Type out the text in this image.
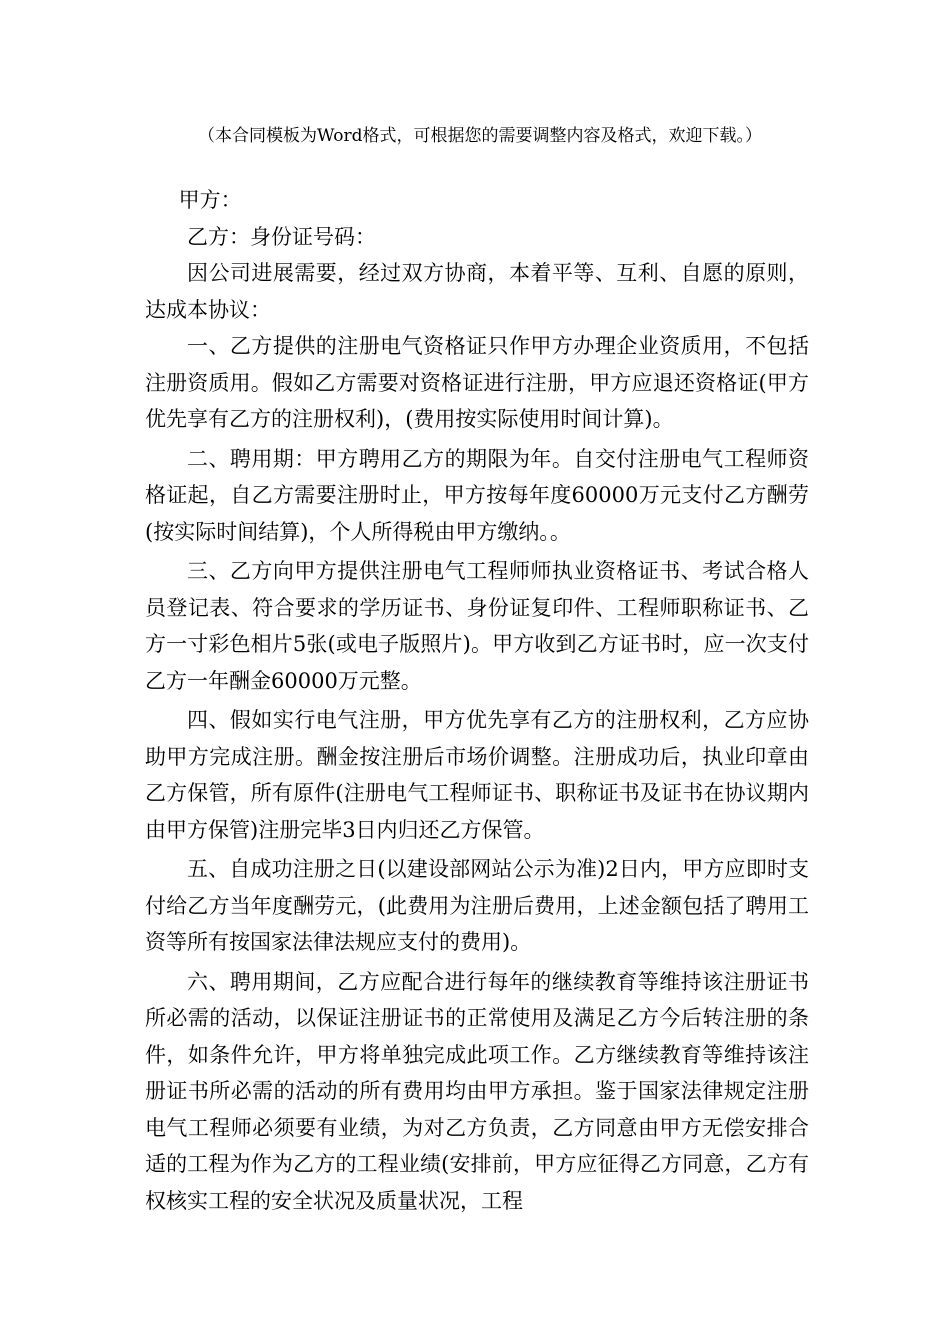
（本合同模板为Word格式，可根据您的需要调整内容及格式，欢迎下载。）

甲方：

乙方：身份证号码：

因公司进展需要，经过双方协商，本着平等、互利、自愿的原则，达成本协议：

一、乙方提供的注册电气资格证只作甲方办理企业资质用，不包括注册资质用。假如乙方需要对资格证进行注册，甲方应退还资格证(甲方优先享有乙方的注册权利)，(费用按实际使用时间计算)。

二、聘用期：甲方聘用乙方的期限为年。自交付注册电气工程师资格证起，自乙方需要注册时止，甲方按每年度60000万元支付乙方酬劳(按实际时间结算)，个人所得税由甲方缴纳。。

三、乙方向甲方提供注册电气工程师师执业资格证书、考试合格人员登记表、符合要求的学历证书、身份证复印件、工程师职称证书、乙方一寸彩色相片5张(或电子版照片)。甲方收到乙方证书时，应一次支付乙方一年酬金60000万元整。

四、假如实行电气注册，甲方优先享有乙方的注册权利，乙方应协助甲方完成注册。酬金按注册后市场价调整。注册成功后，执业印章由乙方保管，所有原件(注册电气工程师证书、职称证书及证书在协议期内由甲方保管)注册完毕3日内归还乙方保管。

五、自成功注册之日(以建设部网站公示为准)2日内，甲方应即时支付给乙方当年度酬劳元，(此费用为注册后费用，上述金额包括了聘用工资等所有按国家法律法规应支付的费用)。

六、聘用期间，乙方应配合进行每年的继续教育等维持该注册证书所必需的活动，以保证注册证书的正常使用及满足乙方今后转注册的条件，如条件允许，甲方将单独完成此项工作。乙方继续教育等维持该注册证书所必需的活动的所有费用均由甲方承担。鉴于国家法律规定注册电气工程师必须要有业绩，为对乙方负责，乙方同意由甲方无偿安排合适的工程为作为乙方的工程业绩(安排前，甲方应征得乙方同意，乙方有权核实工程的安全状况及质量状况，工程
